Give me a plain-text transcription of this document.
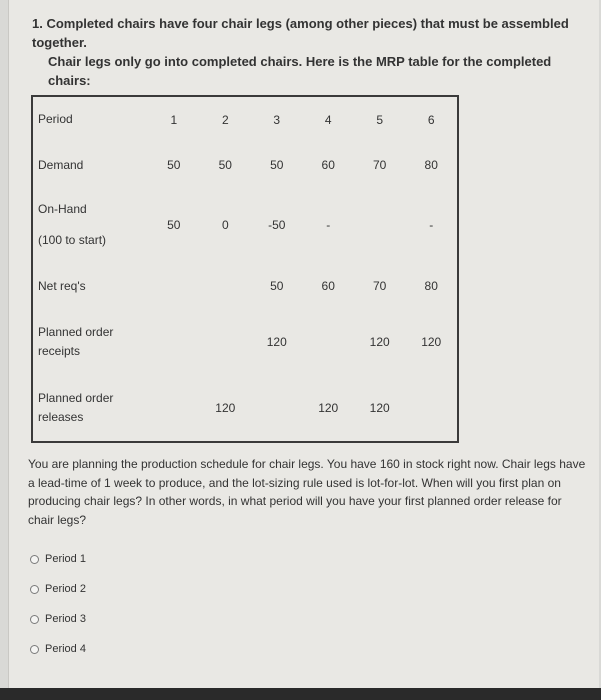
1. Completed chairs have four chair legs (among other pieces) that must be assembled together.
Chair legs only go into completed chairs. Here is the MRP table for the completed chairs:
Period	1	2	3	4	5	6
Demand	50	50	50	60	70	80

On-Hand
(100 to start)	50	0	-50	-		-
Net req's			50	60	70	80

Planned order
receipts			120		120	120

Planned order
releases		120		120	120	
You are planning the production schedule for chair legs. You have 160 in stock right now. Chair legs have a lead-time of 1 week to produce, and the lot-sizing rule used is lot-for-lot. When will you first plan on producing chair legs? In other words, in what period will you have your first planned order release for chair legs?
Period 1
Period 2
Period 3
Period 4
